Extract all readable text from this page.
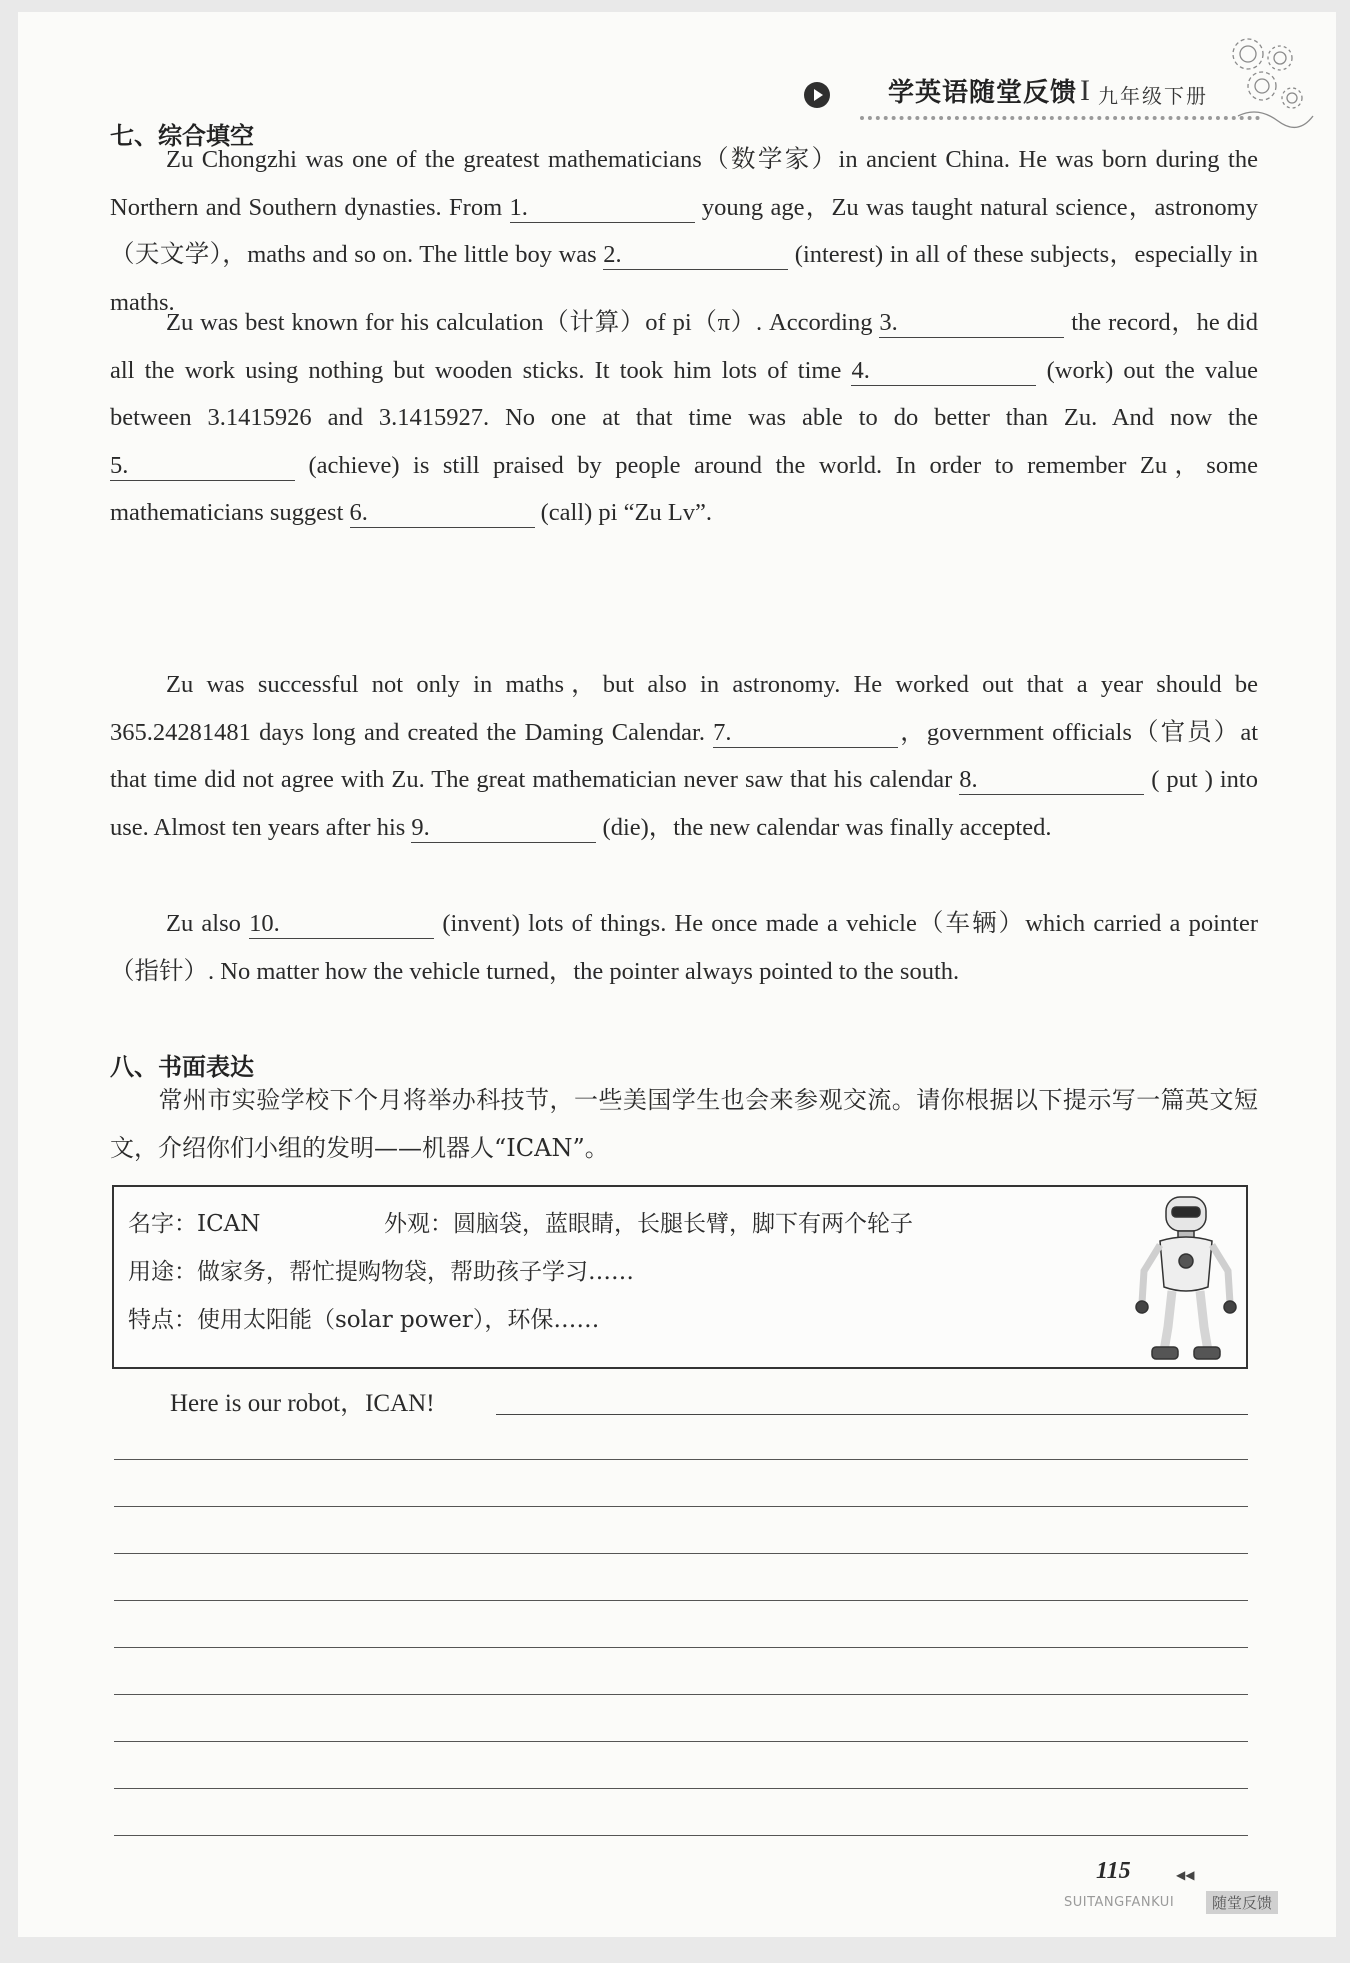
学英语随堂反馈 I 九年级下册
七、综合填空
Zu Chongzhi was one of the greatest mathematicians（数学家）in ancient China. He was born during the Northern and Southern dynasties. From 1.	young age，Zu was taught natural science，astronomy（天文学），maths and so on. The little boy was 2.	(interest) in all of these subjects，especially in maths.
Zu was best known for his calculation（计算）of pi（π）. According 3.	the record，he did all the work using nothing but wooden sticks. It took him lots of time 4.	(work) out the value between 3.1415926 and 3.1415927. No one at that time was able to do better than Zu. And now the 5.	(achieve) is still praised by people around the world. In order to remember Zu，some mathematicians suggest 6.	(call) pi “Zu Lv”.
Zu was successful not only in maths，but also in astronomy. He worked out that a year should be 365.24281481 days long and created the Daming Calendar. 7.	，government officials（官员）at that time did not agree with Zu. The great mathematician never saw that his calendar 8.	( put ) into use. Almost ten years after his 9.	(die)，the new calendar was finally accepted.
Zu also 10.	(invent) lots of things. He once made a vehicle（车辆）which carried a pointer（指针）. No matter how the vehicle turned，the pointer always pointed to the south.
八、书面表达
常州市实验学校下个月将举办科技节，一些美国学生也会来参观交流。请你根据以下提示写一篇英文短文，介绍你们小组的发明——机器人“ICAN”。
名字：ICAN	外观：圆脑袋，蓝眼睛，长腿长臂，脚下有两个轮子
用途：做家务，帮忙提购物袋，帮助孩子学习……
特点：使用太阳能（solar power），环保……
Here is our robot，ICAN!
115	◀◀
SUITANGFANKUI	随堂反馈
